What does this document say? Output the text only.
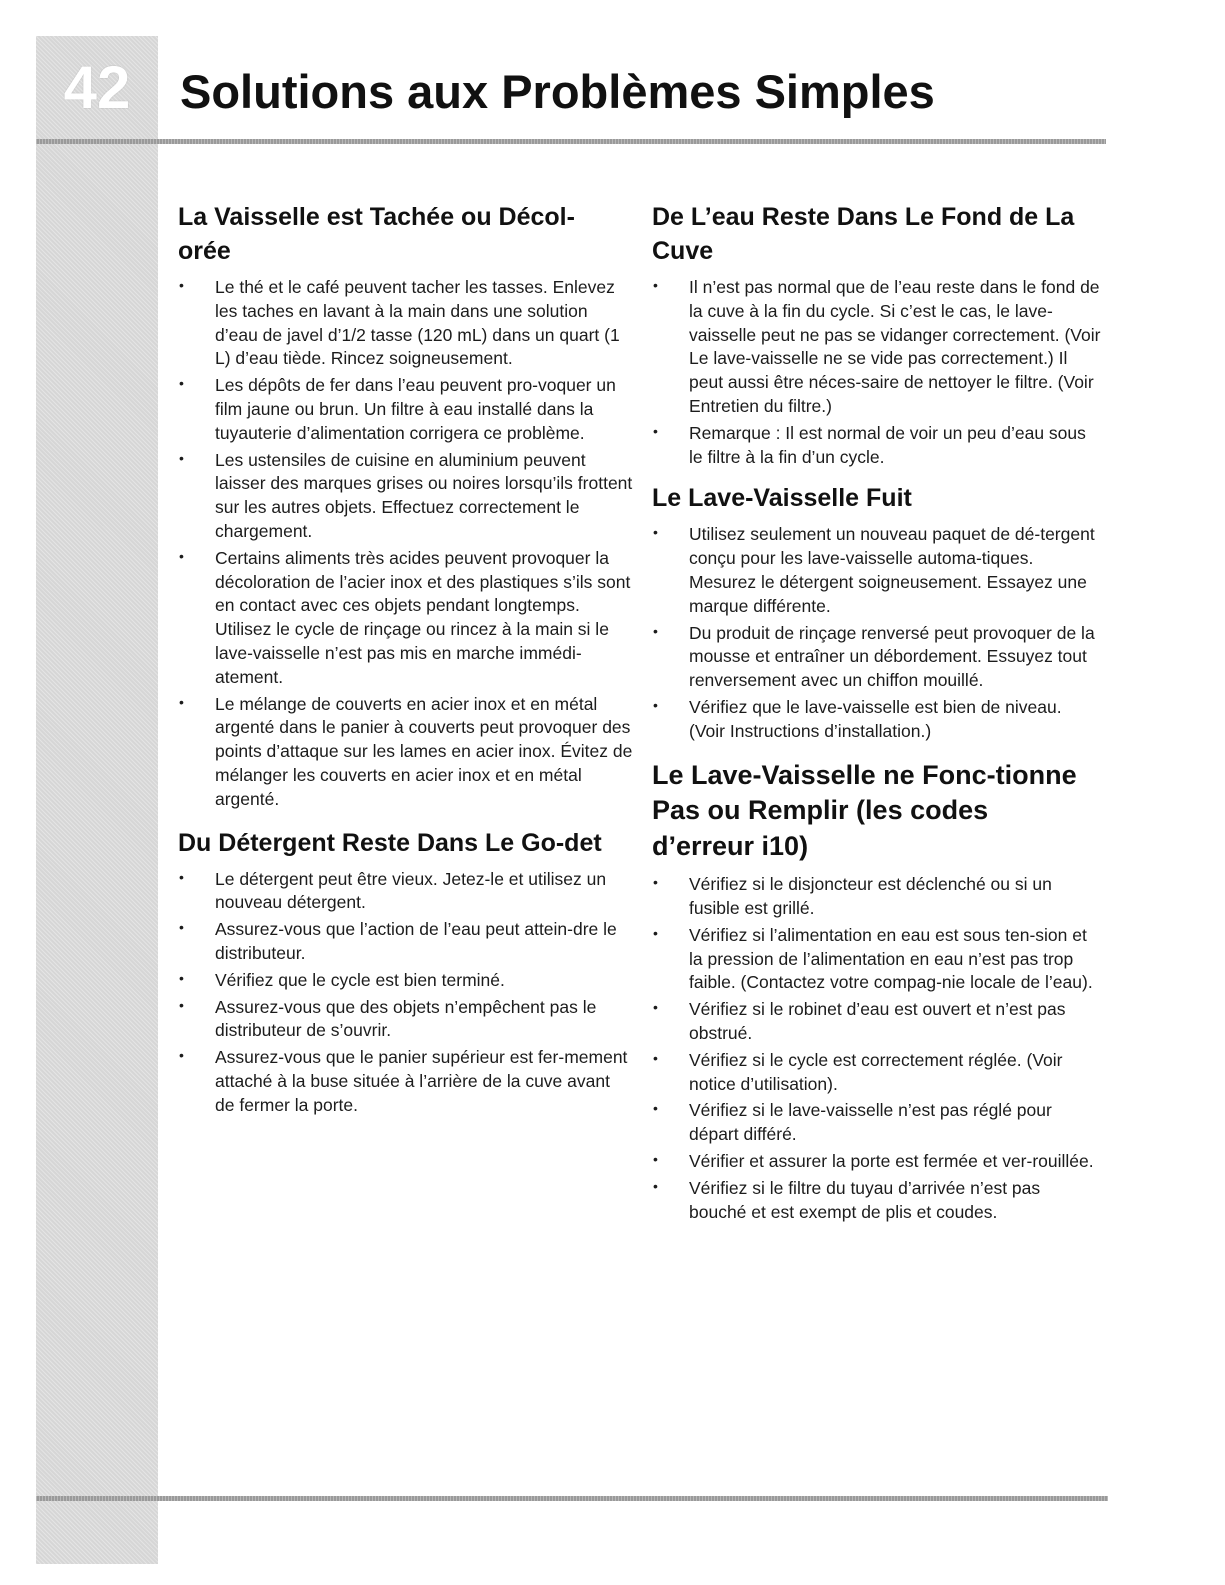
42	Solutions aux Problèmes Simples
La Vaisselle est Tachée ou Décol-orée
• Le thé et le café peuvent tacher les tasses. Enlevez les taches en lavant à la main dans une solution d’eau de javel d’1/2 tasse (120 mL) dans un quart (1 L) d’eau tiède. Rincez soigneusement.
• Les dépôts de fer dans l’eau peuvent pro-voquer un film jaune ou brun. Un filtre à eau installé dans la tuyauterie d’alimentation corrigera ce problème.
• Les ustensiles de cuisine en aluminium peuvent laisser des marques grises ou noires lorsqu’ils frottent sur les autres objets. Effectuez correctement le chargement.
• Certains aliments très acides peuvent provoquer la décoloration de l’acier inox et des plastiques s’ils sont en contact avec ces objets pendant longtemps. Utilisez le cycle de rinçage ou rincez à la main si le lave-vaisselle n’est pas mis en marche immédi-atement.
• Le mélange de couverts en acier inox et en métal argenté dans le panier à couverts peut provoquer des points d’attaque sur les lames en acier inox. Évitez de mélanger les couverts en acier inox et en métal argenté.
Du Détergent Reste Dans Le Go-det
• Le détergent peut être vieux. Jetez-le et utilisez un nouveau détergent.
• Assurez-vous que l’action de l’eau peut attein-dre le distributeur.
• Vérifiez que le cycle est bien terminé.
• Assurez-vous que des objets n’empêchent pas le distributeur de s’ouvrir.
• Assurez-vous que le panier supérieur est fer-mement attaché à la buse située à l’arrière de la cuve avant de fermer la porte.
De L’eau Reste Dans Le Fond de La Cuve
• Il n’est pas normal que de l’eau reste dans le fond de la cuve à la fin du cycle. Si c’est le cas, le lave-vaisselle peut ne pas se vidanger correctement. (Voir Le lave-vaisselle ne se vide pas correctement.) Il peut aussi être néces-saire de nettoyer le filtre. (Voir Entretien du filtre.)
• Remarque : Il est normal de voir un peu d’eau sous le filtre à la fin d’un cycle.
Le Lave-Vaisselle Fuit
• Utilisez seulement un nouveau paquet de dé-tergent conçu pour les lave-vaisselle automa-tiques. Mesurez le détergent soigneusement. Essayez une marque différente.
• Du produit de rinçage renversé peut provoquer de la mousse et entraîner un débordement. Essuyez tout renversement avec un chiffon mouillé.
• Vérifiez que le lave-vaisselle est bien de niveau. (Voir Instructions d’installation.)
Le Lave-Vaisselle ne Fonc-tionne Pas ou Remplir (les codes d’erreur i10)
• Vérifiez si le disjoncteur est déclenché ou si un fusible est grillé.
• Vérifiez si l’alimentation en eau est sous ten-sion et la pression de l’alimentation en eau n’est pas trop faible. (Contactez votre compag-nie locale de l’eau).
• Vérifiez si le robinet d’eau est ouvert et n’est pas obstrué.
• Vérifiez si le cycle est correctement réglée. (Voir notice d’utilisation).
• Vérifiez si le lave-vaisselle n’est pas réglé pour départ différé.
• Vérifier et assurer la porte est fermée et ver-rouillée.
• Vérifiez si le filtre du tuyau d’arrivée n’est pas bouché et est exempt de plis et coudes.
